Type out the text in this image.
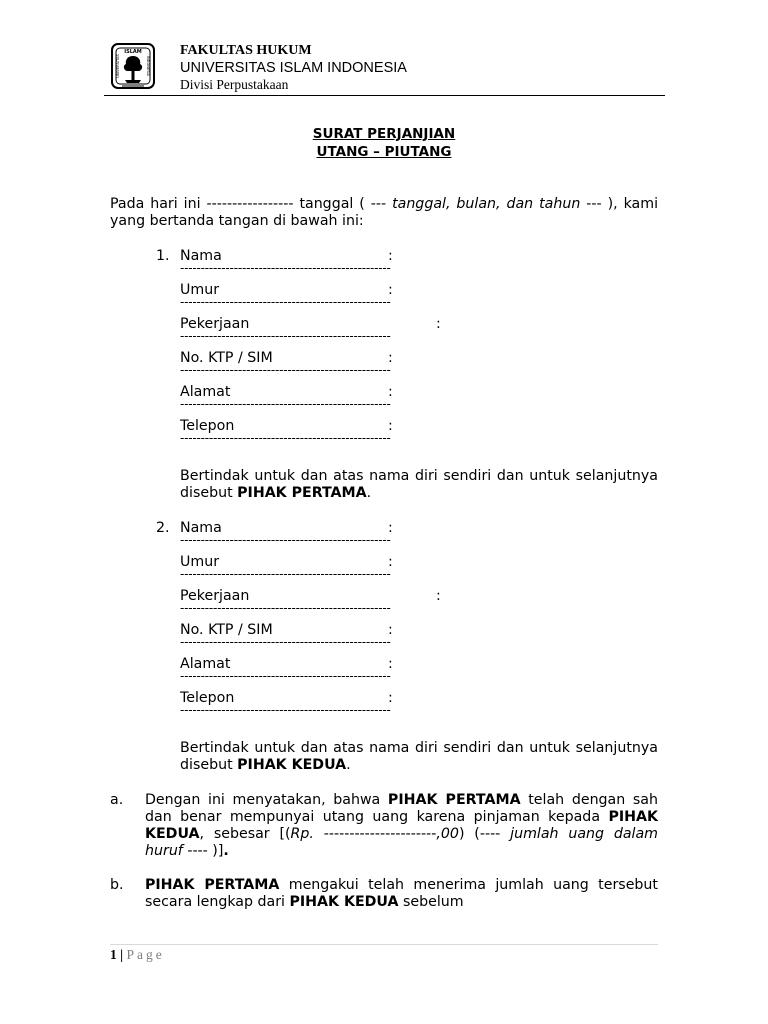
ISLAM
UNIVERSITAS	INDONESIA
FAKULTAS HUKUM
UNIVERSITAS ISLAM INDONESIA
Divisi Perpustakaan
SURAT PERJANJIAN
UTANG – PIUTANG
Pada hari ini ----------------- tanggal ( --- tanggal, bulan, dan tahun --- ), kami yang bertanda tangan di bawah ini:
1. Nama	:
---------------------------------------------------
Umur	:
---------------------------------------------------
Pekerjaan	:
---------------------------------------------------
No. KTP / SIM	:
---------------------------------------------------
Alamat	:
---------------------------------------------------
Telepon	:
---------------------------------------------------
Bertindak untuk dan atas nama diri sendiri dan untuk selanjutnya disebut PIHAK PERTAMA.
2. Nama	:
---------------------------------------------------
Umur	:
---------------------------------------------------
Pekerjaan	:
---------------------------------------------------
No. KTP / SIM	:
---------------------------------------------------
Alamat	:
---------------------------------------------------
Telepon	:
---------------------------------------------------
Bertindak untuk dan atas nama diri sendiri dan untuk selanjutnya disebut PIHAK KEDUA.
a. Dengan ini menyatakan, bahwa PIHAK PERTAMA telah dengan sah dan benar mempunyai utang uang karena pinjaman kepada PIHAK KEDUA, sebesar [(Rp. ----------------------,00) (---- jumlah uang dalam huruf ---- )].
b. PIHAK PERTAMA mengakui telah menerima jumlah uang tersebut secara lengkap dari PIHAK KEDUA sebelum
1 | Page
